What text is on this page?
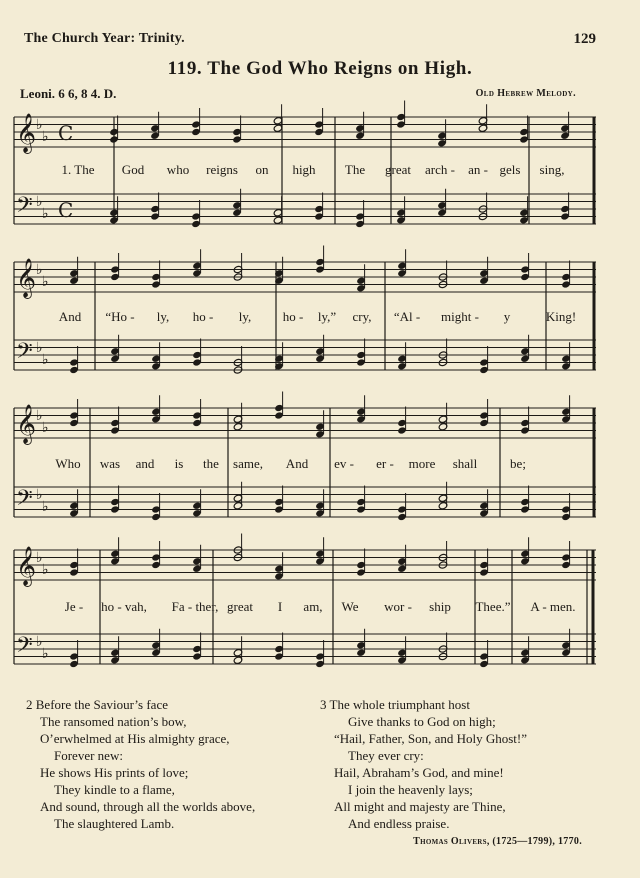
The Church Year: Trinity.	129
119. The God Who Reigns on High.
Leoni. 6 6, 8 4. D.	Old Hebrew Melody.
𝄞 ♭
♭ C
𝄢 ♭
♭ C
𝄞 ♭
♭
𝄢 ♭
♭
𝄞 ♭
♭
𝄢 ♭
♭
𝄞 ♭
♭
𝄢 ♭
♭
1. The God who reigns on high The great arch - an - gels sing,
And “Ho - ly, ho - ly, ho - ly,” cry, “Al - might - y	King!
Who was and is the same, And ev - er - more shall	be;
Je - ho - vah, Fa - ther, great I am, We wor - ship Thee.” A - men.
2 Before the Saviour’s face
The ransomed nation’s bow,
O’erwhelmed at His almighty grace,
Forever new:
He shows His prints of love;
They kindle to a flame,
And sound, through all the worlds above,
The slaughtered Lamb.
3 The whole triumphant host
Give thanks to God on high;
“Hail, Father, Son, and Holy Ghost!”
They ever cry:
Hail, Abraham’s God, and mine!
I join the heavenly lays;
All might and majesty are Thine,
And endless praise.
Thomas Olivers, (1725—1799), 1770.
